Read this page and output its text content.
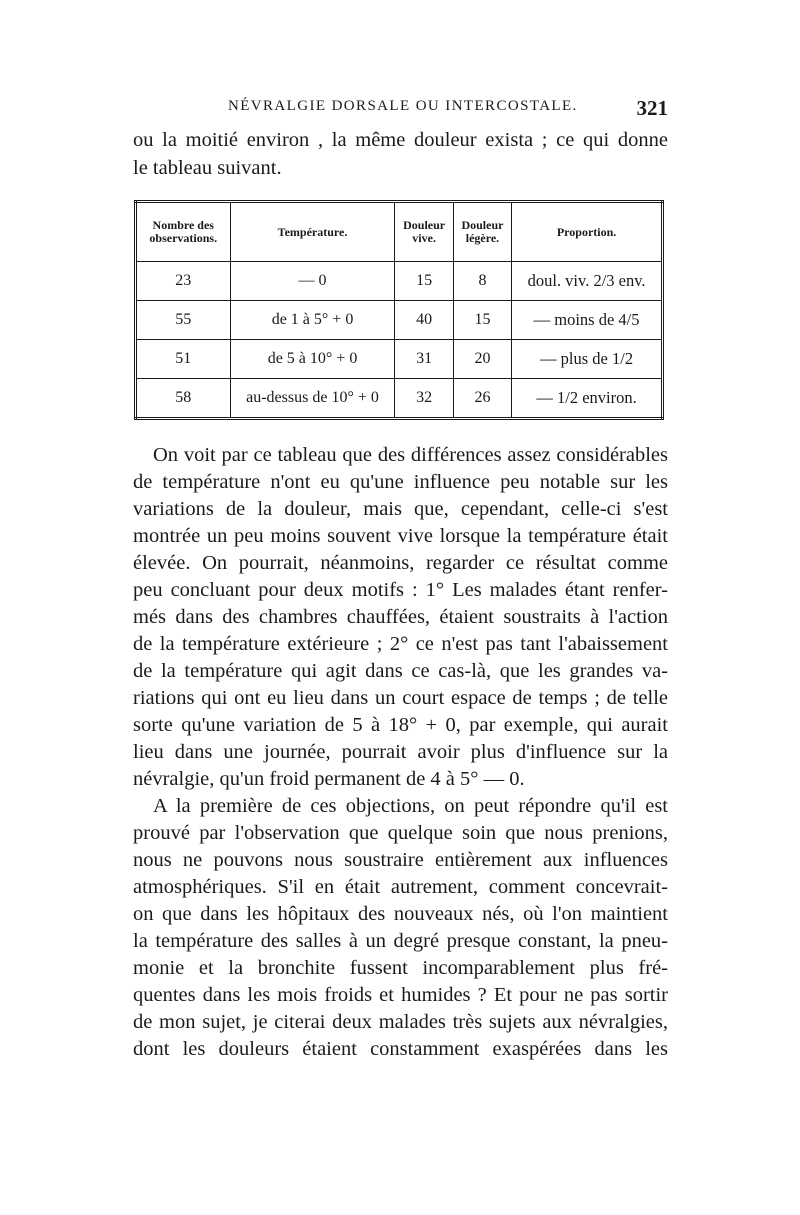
NÉVRALGIE DORSALE OU INTERCOSTALE.	321
ou la moitié environ , la même douleur exista ; ce qui donne
le tableau suivant.
Nombre des observations.	Température.	Douleur vive.	Douleur légère.	Proportion.
23	— 0	15	8	doul. viv. 2/3 env.
55	de 1 à 5° + 0	40	15	— moins de 4/5
51	de 5 à 10° + 0	31	20	— plus de 1/2
58	au-dessus de 10° + 0	32	26	— 1/2 environ.
On voit par ce tableau que des différences assez considérables
de température n'ont eu qu'une influence peu notable sur les
variations de la douleur, mais que, cependant, celle-ci s'est
montrée un peu moins souvent vive lorsque la température était
élevée. On pourrait, néanmoins, regarder ce résultat comme
peu concluant pour deux motifs : 1° Les malades étant renfer-
més dans des chambres chauffées, étaient soustraits à l'action
de la température extérieure ; 2° ce n'est pas tant l'abaissement
de la température qui agit dans ce cas-là, que les grandes va-
riations qui ont eu lieu dans un court espace de temps ; de telle
sorte qu'une variation de 5 à 18° + 0, par exemple, qui aurait
lieu dans une journée, pourrait avoir plus d'influence sur la
névralgie, qu'un froid permanent de 4 à 5° — 0.
A la première de ces objections, on peut répondre qu'il est
prouvé par l'observation que quelque soin que nous prenions,
nous ne pouvons nous soustraire entièrement aux influences
atmosphériques. S'il en était autrement, comment concevrait-
on que dans les hôpitaux des nouveaux nés, où l'on maintient
la température des salles à un degré presque constant, la pneu-
monie et la bronchite fussent incomparablement plus fré-
quentes dans les mois froids et humides ? Et pour ne pas sortir
de mon sujet, je citerai deux malades très sujets aux névralgies,
dont les douleurs étaient constamment exaspérées dans les
